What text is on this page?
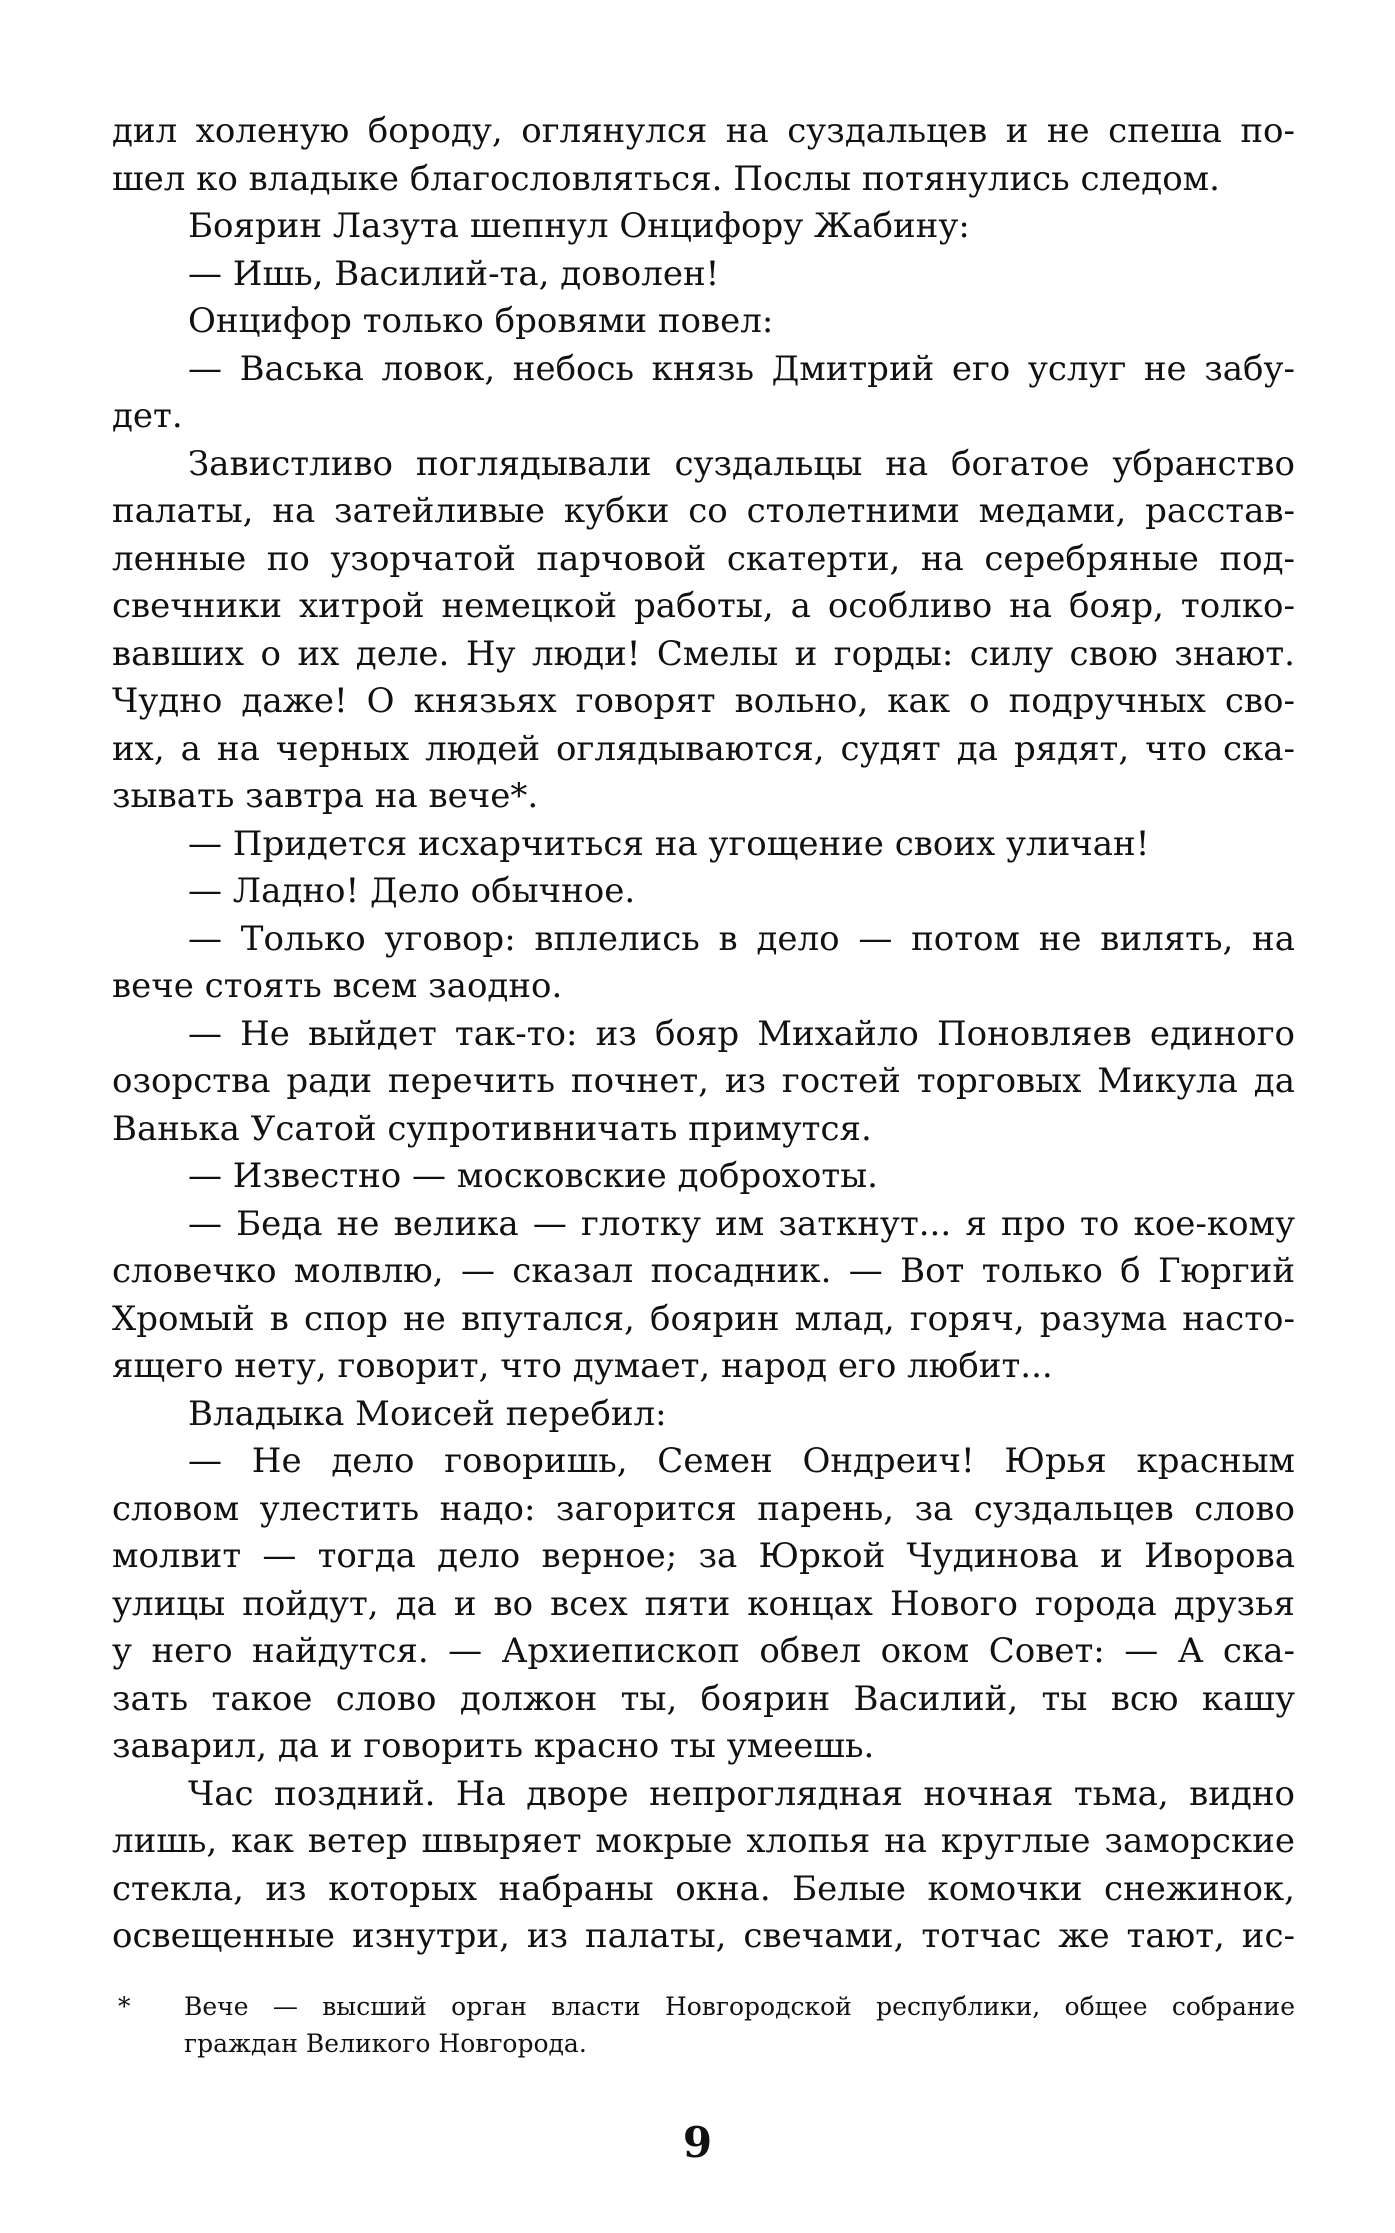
дил холеную бороду, оглянулся на суздальцев и не спеша по-
шел ко владыке благословляться. Послы потянулись следом.
Боярин Лазута шепнул Онцифору Жабину:
— Ишь, Василий-та, доволен!
Онцифор только бровями повел:
— Васька ловок, небось князь Дмитрий его услуг не забу-
дет.
Завистливо поглядывали суздальцы на богатое убранство
палаты, на затейливые кубки со столетними медами, расстав-
ленные по узорчатой парчовой скатерти, на серебряные под-
свечники хитрой немецкой работы, а особливо на бояр, толко-
вавших о их деле. Ну люди! Смелы и горды: силу свою знают.
Чудно даже! О князьях говорят вольно, как о подручных сво-
их, а на черных людей оглядываются, судят да рядят, что ска-
зывать завтра на вече*.
— Придется исхарчиться на угощение своих уличан!
— Ладно! Дело обычное.
— Только уговор: вплелись в дело — потом не вилять, на
вече стоять всем заодно.
— Не выйдет так-то: из бояр Михайло Поновляев единого
озорства ради перечить почнет, из гостей торговых Микула да
Ванька Усатой супротивничать примутся.
— Известно — московские доброхоты.
— Беда не велика — глотку им заткнут... я про то кое-кому
словечко молвлю, — сказал посадник. — Вот только б Гюргий
Хромый в спор не впутался, боярин млад, горяч, разума насто-
ящего нету, говорит, что думает, народ его любит...
Владыка Моисей перебил:
— Не дело говоришь, Семен Ондреич! Юрья красным
словом улестить надо: загорится парень, за суздальцев слово
молвит — тогда дело верное; за Юркой Чудинова и Иворова
улицы пойдут, да и во всех пяти концах Нового города друзья
у него найдутся. — Архиепископ обвел оком Совет: — А ска-
зать такое слово должон ты, боярин Василий, ты всю кашу
заварил, да и говорить красно ты умеешь.
Час поздний. На дворе непроглядная ночная тьма, видно
лишь, как ветер швыряет мокрые хлопья на круглые заморские
стекла, из которых набраны окна. Белые комочки снежинок,
освещенные изнутри, из палаты, свечами, тотчас же тают, ис-
*	Вече — высший орган власти Новгородской республики, общее собрание
граждан Великого Новгорода.
9
